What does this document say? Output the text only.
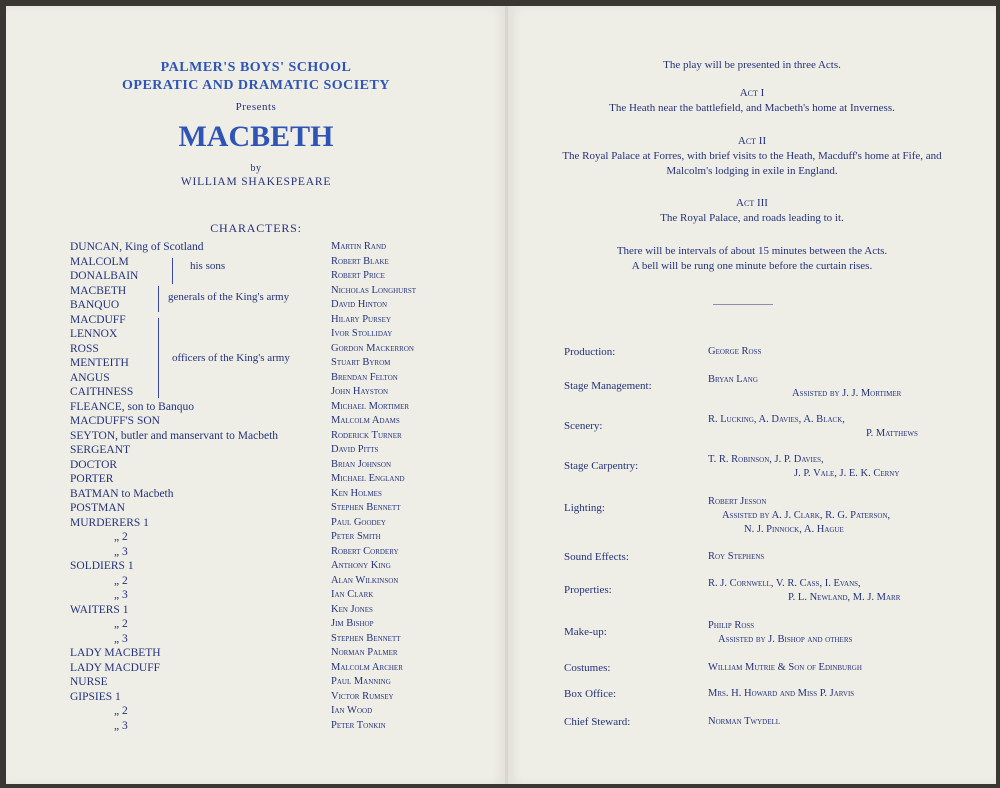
PALMER'S BOYS' SCHOOL
OPERATIC AND DRAMATIC SOCIETY
Presents
MACBETH
by
WILLIAM SHAKESPEARE
CHARACTERS:
DUNCAN, King of Scotland	Martin Rand
MALCOLM	Robert Blake
DONALBAIN	Robert Price
MACBETH	Nicholas Longhurst
BANQUO	David Hinton
MACDUFF	Hilary Pursey
LENNOX	Ivor Stolliday
ROSS	Gordon Mackerron
MENTEITH	Stuart Byrom
ANGUS	Brendan Felton
CAITHNESS	John Hayston
FLEANCE, son to Banquo	Michael Mortimer
MACDUFF'S SON	Malcolm Adams
SEYTON, butler and manservant to Macbeth	Roderick Turner
SERGEANT	David Pitts
DOCTOR	Brian Johnson
PORTER	Michael England
BATMAN to Macbeth	Ken Holmes
POSTMAN	Stephen Bennett
MURDERERS 1	Paul Goodey
„ 2	Peter Smith
„ 3	Robert Cordery
SOLDIERS 1	Anthony King
„ 2	Alan Wilkinson
„ 3	Ian Clark
WAITERS 1	Ken Jones
„ 2	Jim Bishop
„ 3	Stephen Bennett
LADY MACBETH	Norman Palmer
LADY MACDUFF	Malcolm Archer
NURSE	Paul Manning
GIPSIES 1	Victor Rumsey
„ 2	Ian Wood
„ 3	Peter Tonkin
his sons
generals of the King's army
officers of the King's army
The play will be presented in three Acts.
Act I
The Heath near the battlefield, and Macbeth's home at Inverness.
Act II
The Royal Palace at Forres, with brief visits to the Heath, Macduff's home at Fife, and Malcolm's lodging in exile in England.
Act III
The Royal Palace, and roads leading to it.
There will be intervals of about 15 minutes between the Acts.
A bell will be rung one minute before the curtain rises.
Production:	George Ross
Stage Management:
Bryan Lang
Assisted by J. J. Mortimer
Scenery:
R. Lucking, A. Davies, A. Black,
P. Matthews
Stage Carpentry:
T. R. Robinson, J. P. Davies,
J. P. Vale, J. E. K. Cerny
Lighting:
Robert Jesson
Assisted by A. J. Clark, R. G. Paterson,
N. J. Pinnock, A. Hague
Sound Effects:	Roy Stephens
Properties:
R. J. Cornwell, V. R. Cass, I. Evans,
P. L. Newland, M. J. Marr
Make-up:
Philip Ross
Assisted by J. Bishop and others
Costumes:	William Mutrie & Son of Edinburgh
Box Office:	Mrs. H. Howard and Miss P. Jarvis
Chief Steward:	Norman Twydell
